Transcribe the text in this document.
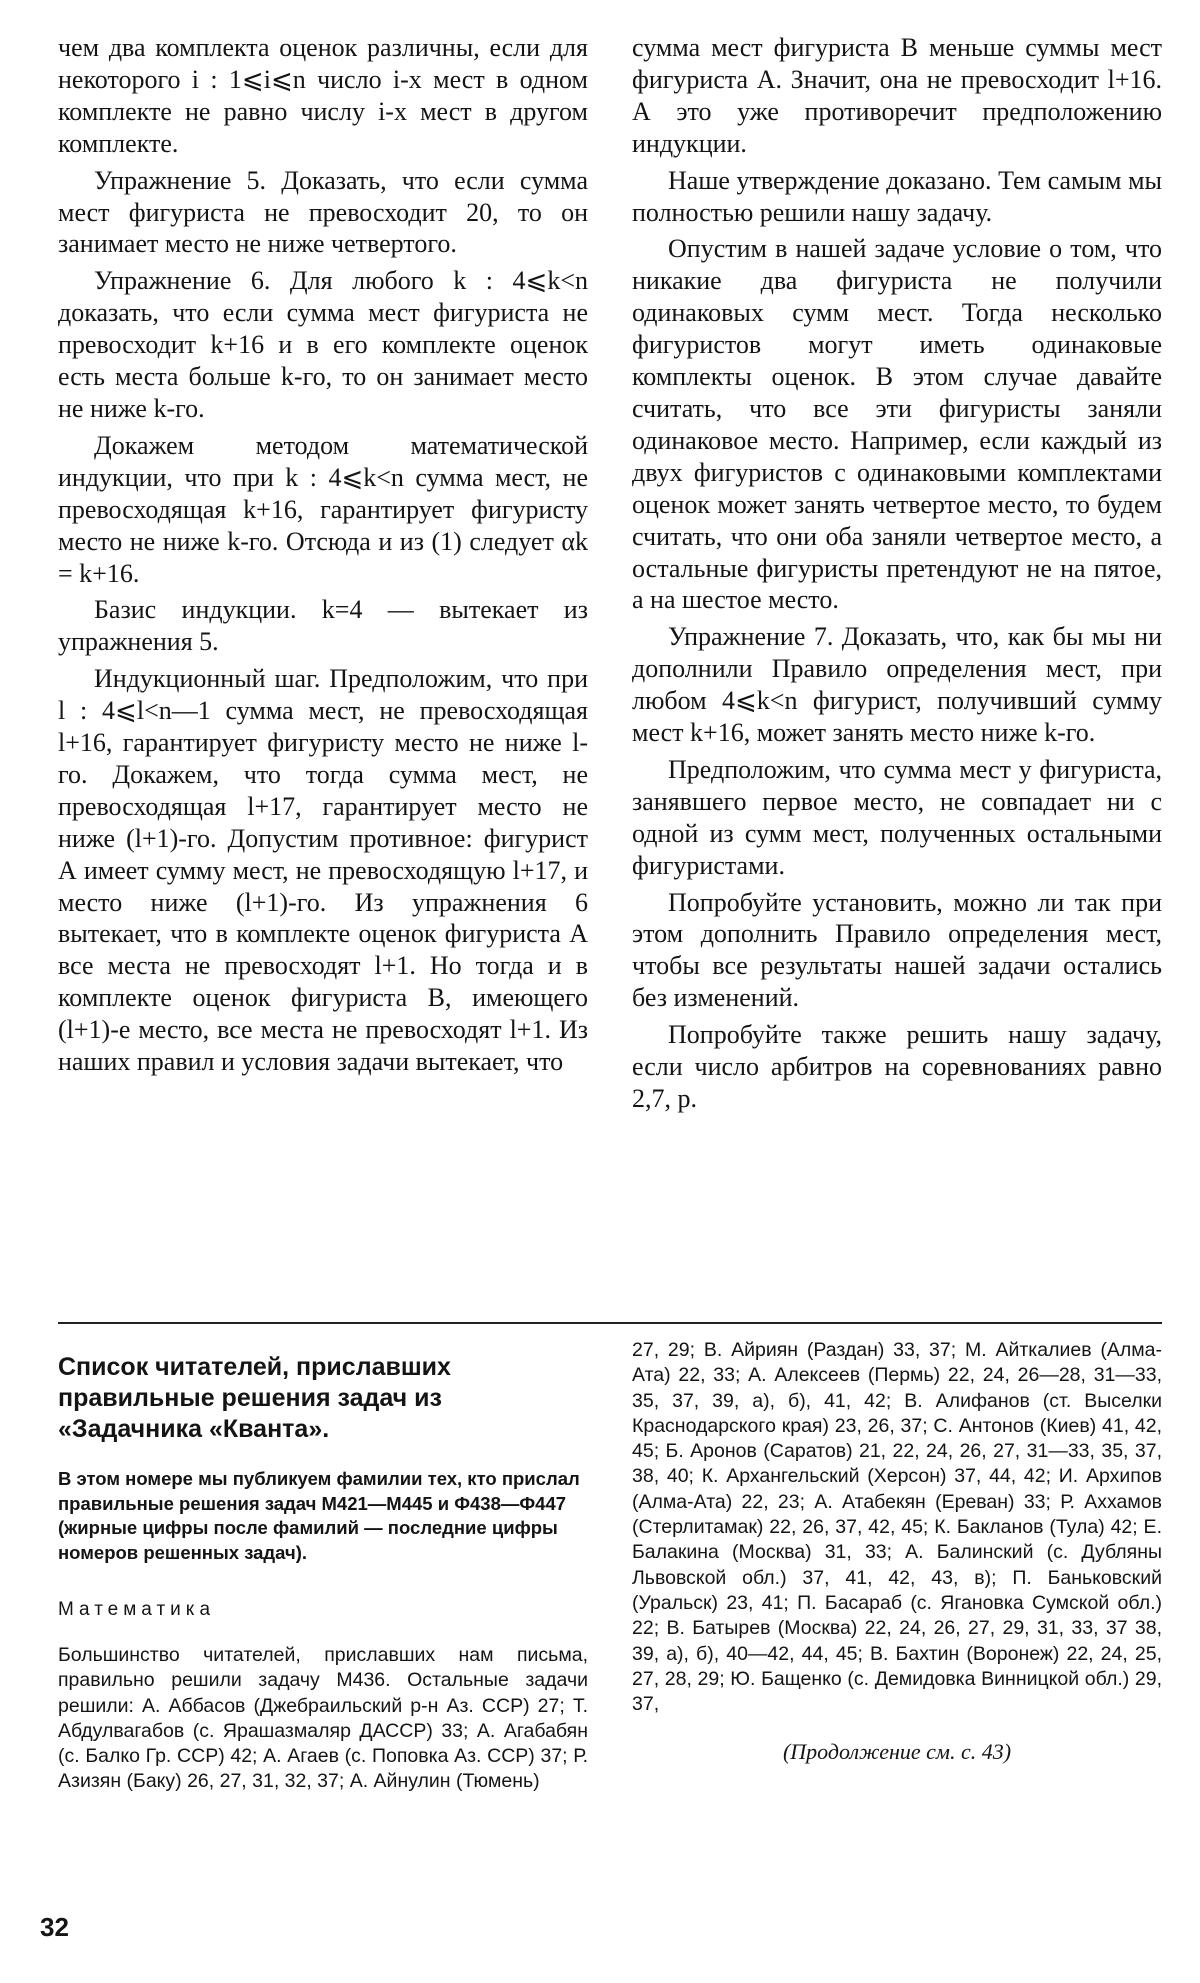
чем два комплекта оценок различны, если для некоторого i : 1⩽i⩽n число i-х мест в одном комплекте не равно числу i-х мест в другом комплекте.

Упражнение 5. Доказать, что если сумма мест фигуриста не превосходит 20, то он занимает место не ниже четвертого.

Упражнение 6. Для любого k : 4⩽k<n доказать, что если сумма мест фигуриста не превосходит k+16 и в его комплекте оценок есть места больше k-го, то он занимает место не ниже k-го.

Докажем методом математической индукции, что при k : 4⩽k<n сумма мест, не превосходящая k+16, гарантирует фигуристу место не ниже k-го. Отсюда и из (1) следует αk = k+16.

Базис индукции. k=4 — вытекает из упражнения 5.

Индукционный шаг. Предположим, что при l : 4⩽l<n—1 сумма мест, не превосходящая l+16, гарантирует фигуристу место не ниже l-го. Докажем, что тогда сумма мест, не превосходящая l+17, гарантирует место не ниже (l+1)-го. Допустим противное: фигурист А имеет сумму мест, не превосходящую l+17, и место ниже (l+1)-го. Из упражнения 6 вытекает, что в комплекте оценок фигуриста А все места не превосходят l+1. Но тогда и в комплекте оценок фигуриста В, имеющего (l+1)-е место, все места не превосходят l+1. Из наших правил и условия задачи вытекает, что

сумма мест фигуриста В меньше суммы мест фигуриста А. Значит, она не превосходит l+16. А это уже противоречит предположению индукции.

Наше утверждение доказано. Тем самым мы полностью решили нашу задачу.

Опустим в нашей задаче условие о том, что никакие два фигуриста не получили одинаковых сумм мест. Тогда несколько фигуристов могут иметь одинаковые комплекты оценок. В этом случае давайте считать, что все эти фигуристы заняли одинаковое место. Например, если каждый из двух фигуристов с одинаковыми комплектами оценок может занять четвертое место, то будем считать, что они оба заняли четвертое место, а остальные фигуристы претендуют не на пятое, а на шестое место.

Упражнение 7. Доказать, что, как бы мы ни дополнили Правило определения мест, при любом 4⩽k<n фигурист, получивший сумму мест k+16, может занять место ниже k-го.

Предположим, что сумма мест у фигуриста, занявшего первое место, не совпадает ни с одной из сумм мест, полученных остальными фигуристами.

Попробуйте установить, можно ли так при этом дополнить Правило определения мест, чтобы все результаты нашей задачи остались без изменений.

Попробуйте также решить нашу задачу, если число арбитров на соревнованиях равно 2,7, p.

Список читателей, приславших правильные решения задач из «Задачника «Кванта».

В этом номере мы публикуем фамилии тех, кто прислал правильные решения задач М421—М445 и Ф438—Ф447 (жирные цифры после фамилий — последние цифры номеров решенных задач).

Математика

Большинство читателей, приславших нам письма, правильно решили задачу М436. Остальные задачи решили: А. Аббасов (Джебраильский р-н Аз. ССР) 27; Т. Абдулвагабов (с. Ярашазмаляр ДАССР) 33; А. Агабабян (с. Балко Гр. ССР) 42; А. Агаев (с. Поповка Аз. ССР) 37; Р. Азизян (Баку) 26, 27, 31, 32, 37; А. Айнулин (Тюмень)

27, 29; В. Айриян (Раздан) 33, 37; М. Айткалиев (Алма-Ата) 22, 33; А. Алексеев (Пермь) 22, 24, 26—28, 31—33, 35, 37, 39, а), б), 41, 42; В. Алифанов (ст. Выселки Краснодарского края) 23, 26, 37; С. Антонов (Киев) 41, 42, 45; Б. Аронов (Саратов) 21, 22, 24, 26, 27, 31—33, 35, 37, 38, 40; К. Архангельский (Херсон) 37, 44, 42; И. Архипов (Алма-Ата) 22, 23; А. Атабекян (Ереван) 33; Р. Аххамов (Стерлитамак) 22, 26, 37, 42, 45; К. Бакланов (Тула) 42; Е. Балакина (Москва) 31, 33; А. Балинский (с. Дубляны Львовской обл.) 37, 41, 42, 43, в); П. Баньковский (Уральск) 23, 41; П. Басараб (с. Ягановка Сумской обл.) 22; В. Батырев (Москва) 22, 24, 26, 27, 29, 31, 33, 37 38, 39, а), б), 40—42, 44, 45; В. Бахтин (Воронеж) 22, 24, 25, 27, 28, 29; Ю. Бащенко (с. Демидовка Винницкой обл.) 29, 37,

(Продолжение см. с. 43)

32
